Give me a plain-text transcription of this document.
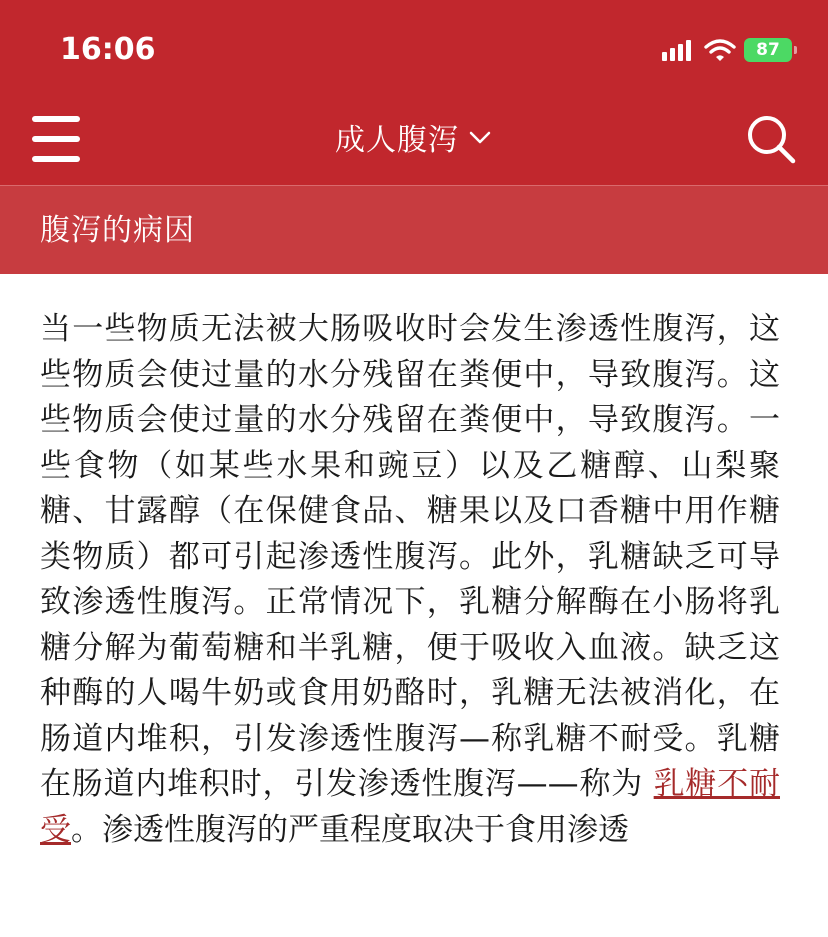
16:06	87
成人腹泻
腹泻的病因
当一些物质无法被大肠吸收时会发生渗透性腹泻，这些物质会使过量的水分残留在粪便中，导致腹泻。这些物质会使过量的水分残留在粪便中，导致腹泻。一些食物（如某些水果和豌豆）以及乙糖醇、山梨聚糖、甘露醇（在保健食品、糖果以及口香糖中用作糖类物质）都可引起渗透性腹泻。此外，乳糖缺乏可导致渗透性腹泻。正常情况下，乳糖分解酶在小肠将乳糖分解为葡萄糖和半乳糖，便于吸收入血液。缺乏这种酶的人喝牛奶或食用奶酪时，乳糖无法被消化，在肠道内堆积，引发渗透性腹泻—称乳糖不耐受。乳糖在肠道内堆积时，引发渗透性腹泻——称为 乳糖不耐受。渗透性腹泻的严重程度取决于食用渗透
